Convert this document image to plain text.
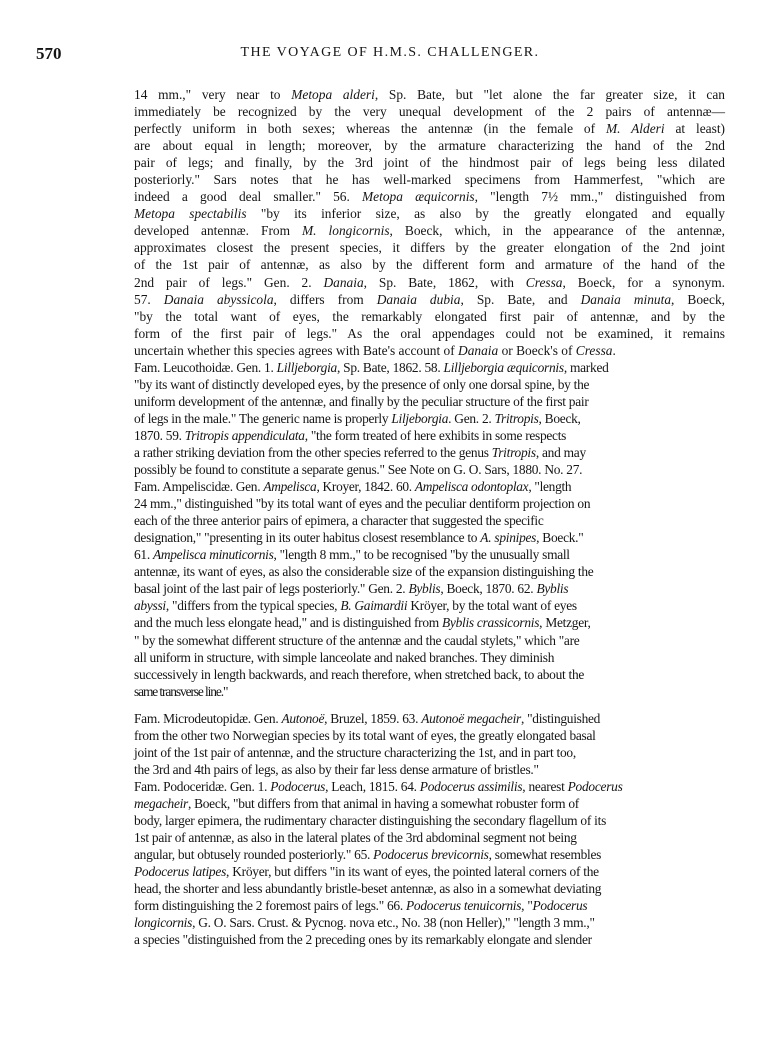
570	THE VOYAGE OF H.M.S. CHALLENGER.
14 mm.," very near to Metopa alderi, Sp. Bate, but "let alone the far greater size, it can
immediately be recognized by the very unequal development of the 2 pairs of antennæ—
perfectly uniform in both sexes; whereas the antennæ (in the female of M. Alderi at least)
are about equal in length; moreover, by the armature characterizing the hand of the 2nd
pair of legs; and finally, by the 3rd joint of the hindmost pair of legs being less dilated
posteriorly." Sars notes that he has well-marked specimens from Hammerfest, "which are
indeed a good deal smaller." 56. Metopa æquicornis, "length 7½ mm.," distinguished from
Metopa spectabilis "by its inferior size, as also by the greatly elongated and equally
developed antennæ. From M. longicornis, Boeck, which, in the appearance of the antennæ,
approximates closest the present species, it differs by the greater elongation of the 2nd joint
of the 1st pair of antennæ, as also by the different form and armature of the hand of the
2nd pair of legs." Gen. 2. Danaia, Sp. Bate, 1862, with Cressa, Boeck, for a synonym.
57. Danaia abyssicola, differs from Danaia dubia, Sp. Bate, and Danaia minuta, Boeck,
"by the total want of eyes, the remarkably elongated first pair of antennæ, and by the
form of the first pair of legs." As the oral appendages could not be examined, it remains
uncertain whether this species agrees with Bate's account of Danaia or Boeck's of Cressa.
Fam. Leucothoidæ. Gen. 1. Lilljeborgia, Sp. Bate, 1862. 58. Lilljeborgia æquicornis, marked
"by its want of distinctly developed eyes, by the presence of only one dorsal spine, by the
uniform development of the antennæ, and finally by the peculiar structure of the first pair
of legs in the male." The generic name is properly Liljeborgia. Gen. 2. Tritropis, Boeck,
1870. 59. Tritropis appendiculata, "the form treated of here exhibits in some respects
a rather striking deviation from the other species referred to the genus Tritropis, and may
possibly be found to constitute a separate genus." See Note on G. O. Sars, 1880. No. 27.
Fam. Ampeliscidæ. Gen. Ampelisca, Kroyer, 1842. 60. Ampelisca odontoplax, "length
24 mm.," distinguished "by its total want of eyes and the peculiar dentiform projection on
each of the three anterior pairs of epimera, a character that suggested the specific
designation," "presenting in its outer habitus closest resemblance to A. spinipes, Boeck."
61. Ampelisca minuticornis, "length 8 mm.," to be recognised "by the unusually small
antennæ, its want of eyes, as also the considerable size of the expansion distinguishing the
basal joint of the last pair of legs posteriorly." Gen. 2. Byblis, Boeck, 1870. 62. Byblis
abyssi, "differs from the typical species, B. Gaimardii Kröyer, by the total want of eyes
and the much less elongate head," and is distinguished from Byblis crassicornis, Metzger,
" by the somewhat different structure of the antennæ and the caudal stylets," which "are
all uniform in structure, with simple lanceolate and naked branches. They diminish
successively in length backwards, and reach therefore, when stretched back, to about the
same transverse line."
Fam. Microdeutopidæ. Gen. Autonoë, Bruzel, 1859. 63. Autonoë megacheir, "distinguished
from the other two Norwegian species by its total want of eyes, the greatly elongated basal
joint of the 1st pair of antennæ, and the structure characterizing the 1st, and in part too,
the 3rd and 4th pairs of legs, as also by their far less dense armature of bristles."
Fam. Podoceridæ. Gen. 1. Podocerus, Leach, 1815. 64. Podocerus assimilis, nearest Podocerus
megacheir, Boeck, "but differs from that animal in having a somewhat robuster form of
body, larger epimera, the rudimentary character distinguishing the secondary flagellum of its
1st pair of antennæ, as also in the lateral plates of the 3rd abdominal segment not being
angular, but obtusely rounded posteriorly." 65. Podocerus brevicornis, somewhat resembles
Podocerus latipes, Kröyer, but differs "in its want of eyes, the pointed lateral corners of the
head, the shorter and less abundantly bristle-beset antennæ, as also in a somewhat deviating
form distinguishing the 2 foremost pairs of legs." 66. Podocerus tenuicornis, "Podocerus
longicornis, G. O. Sars. Crust. & Pycnog. nova etc., No. 38 (non Heller)," "length 3 mm.,"
a species "distinguished from the 2 preceding ones by its remarkably elongate and slender
